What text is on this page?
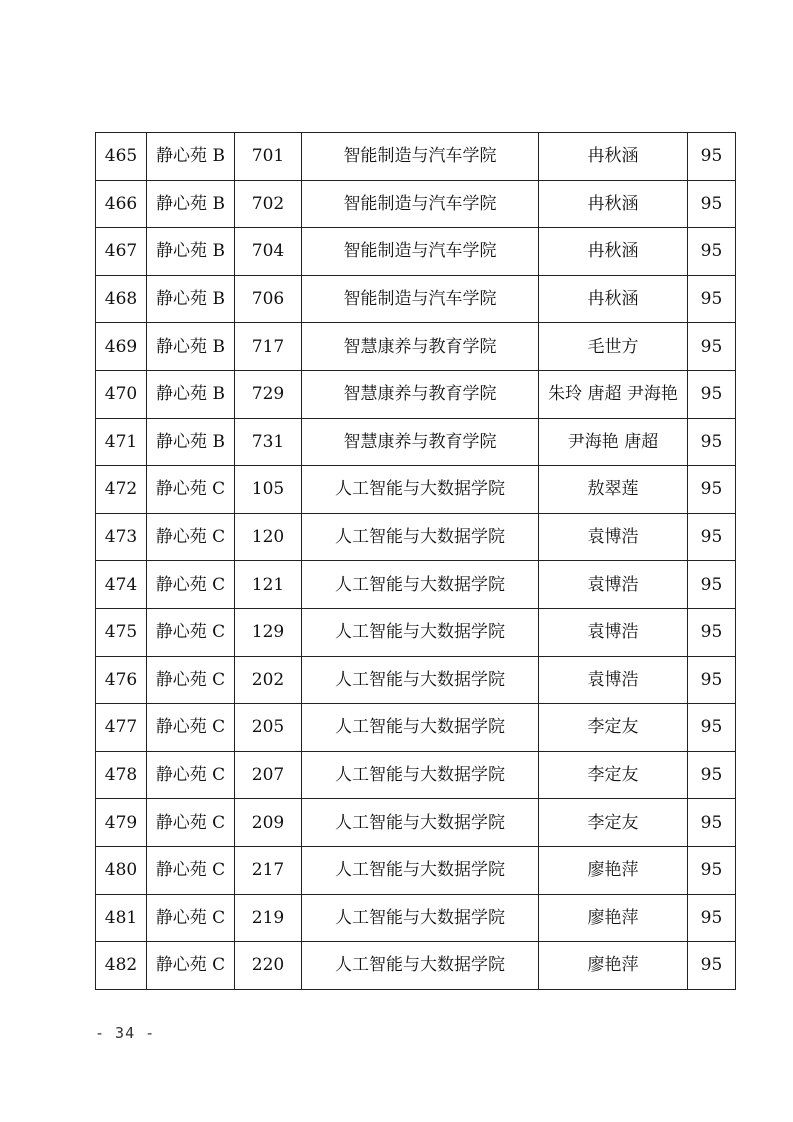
465	静心苑 B	701	智能制造与汽车学院	冉秋涵	95
466	静心苑 B	702	智能制造与汽车学院	冉秋涵	95
467	静心苑 B	704	智能制造与汽车学院	冉秋涵	95
468	静心苑 B	706	智能制造与汽车学院	冉秋涵	95
469	静心苑 B	717	智慧康养与教育学院	毛世方	95
470	静心苑 B	729	智慧康养与教育学院	朱玲 唐超 尹海艳	95
471	静心苑 B	731	智慧康养与教育学院	尹海艳 唐超	95
472	静心苑 C	105	人工智能与大数据学院	敖翠莲	95
473	静心苑 C	120	人工智能与大数据学院	袁博浩	95
474	静心苑 C	121	人工智能与大数据学院	袁博浩	95
475	静心苑 C	129	人工智能与大数据学院	袁博浩	95
476	静心苑 C	202	人工智能与大数据学院	袁博浩	95
477	静心苑 C	205	人工智能与大数据学院	李定友	95
478	静心苑 C	207	人工智能与大数据学院	李定友	95
479	静心苑 C	209	人工智能与大数据学院	李定友	95
480	静心苑 C	217	人工智能与大数据学院	廖艳萍	95
481	静心苑 C	219	人工智能与大数据学院	廖艳萍	95
482	静心苑 C	220	人工智能与大数据学院	廖艳萍	95
- 34 -
